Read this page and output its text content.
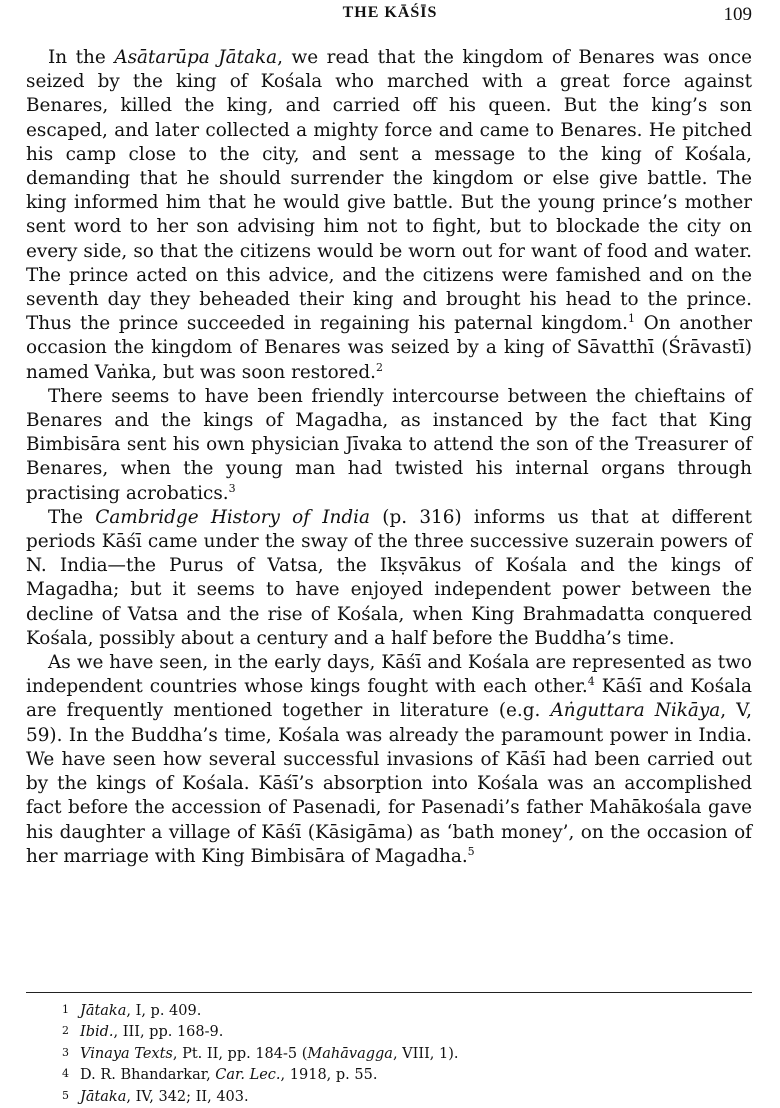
THE KĀŚĪS	109

In the Asātarūpa Jātaka, we read that the kingdom of Benares was once seized by the king of Kośala who marched with a great force against Benares, killed the king, and carried off his queen. But the king’s son escaped, and later collected a mighty force and came to Benares. He pitched his camp close to the city, and sent a message to the king of Kośala, demanding that he should surrender the kingdom or else give battle. The king informed him that he would give battle. But the young prince’s mother sent word to her son advising him not to fight, but to blockade the city on every side, so that the citizens would be worn out for want of food and water. The prince acted on this advice, and the citizens were famished and on the seventh day they beheaded their king and brought his head to the prince. Thus the prince succeeded in regaining his paternal kingdom.$^1$ On another occasion the kingdom of Benares was seized by a king of Sāvatthī (Śrāvastī) named Vaṅka, but was soon restored.$^2$

There seems to have been friendly intercourse between the chieftains of Benares and the kings of Magadha, as instanced by the fact that King Bimbisāra sent his own physician Jīvaka to attend the son of the Treasurer of Benares, when the young man had twisted his internal organs through practising acrobatics.$^3$

The Cambridge History of India (p. 316) informs us that at different periods Kāśī came under the sway of the three successive suzerain powers of N. India—the Purus of Vatsa, the Ikṣvākus of Kośala and the kings of Magadha; but it seems to have enjoyed independent power between the decline of Vatsa and the rise of Kośala, when King Brahmadatta conquered Kośala, possibly about a century and a half before the Buddha’s time.

As we have seen, in the early days, Kāśī and Kośala are represented as two independent countries whose kings fought with each other.$^4$ Kāśī and Kośala are frequently mentioned together in literature (e.g. Aṅguttara Nikāya, V, 59). In the Buddha’s time, Kośala was already the paramount power in India. We have seen how several successful invasions of Kāśī had been carried out by the kings of Kośala. Kāśī’s absorption into Kośala was an accomplished fact before the accession of Pasenadi, for Pasenadi’s father Mahākośala gave his daughter a village of Kāśī (Kāsigāma) as ‘bath money’, on the occasion of her marriage with King Bimbisāra of Magadha.$^5$

1 Jātaka, I, p. 409.
2 Ibid., III, pp. 168-9.
3 Vinaya Texts, Pt. II, pp. 184-5 (Mahāvagga, VIII, 1).
4 D. R. Bhandarkar, Car. Lec., 1918, p. 55.
5 Jātaka, IV, 342; II, 403.
